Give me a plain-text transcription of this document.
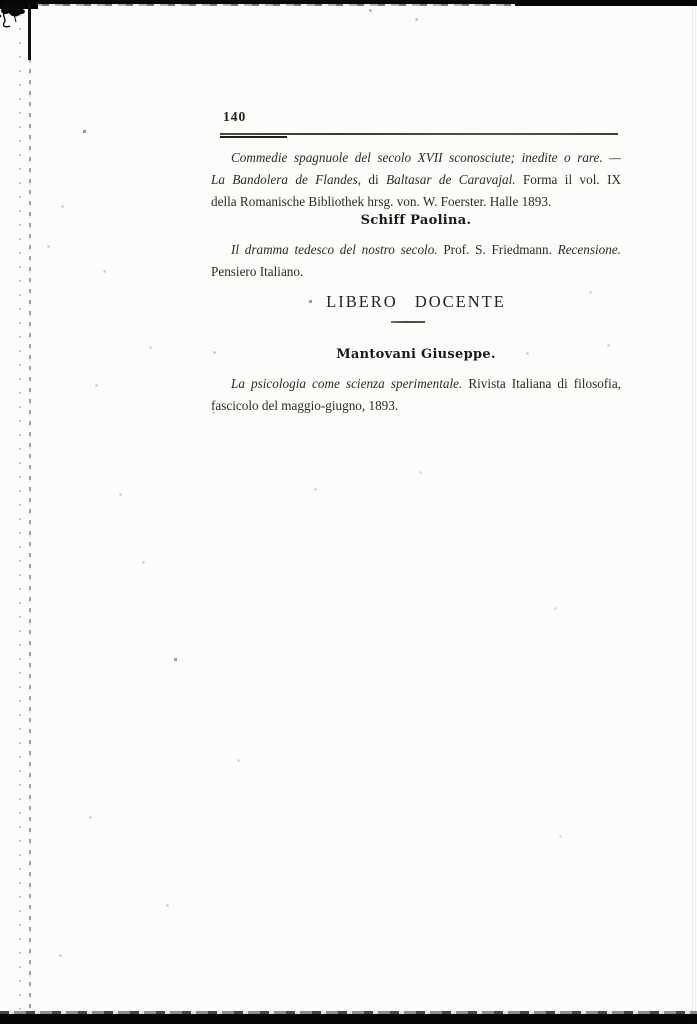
140
Commedie spagnuole del secolo XVII sconosciute; inedite o rare. —
La Bandolera de Flandes, di Baltasar de Caravajal. Forma il vol. IX
della Romanische Bibliothek hrsg. von. W. Foerster. Halle 1893.
Schiff Paolina.
Il dramma tedesco del nostro secolo. Prof. S. Friedmann. Recensione.
Pensiero Italiano.
LIBERO DOCENTE
Mantovani Giuseppe.
La psicologia come scienza sperimentale. Rivista Italiana di filosofia,
fascicolo del maggio-giugno, 1893.
